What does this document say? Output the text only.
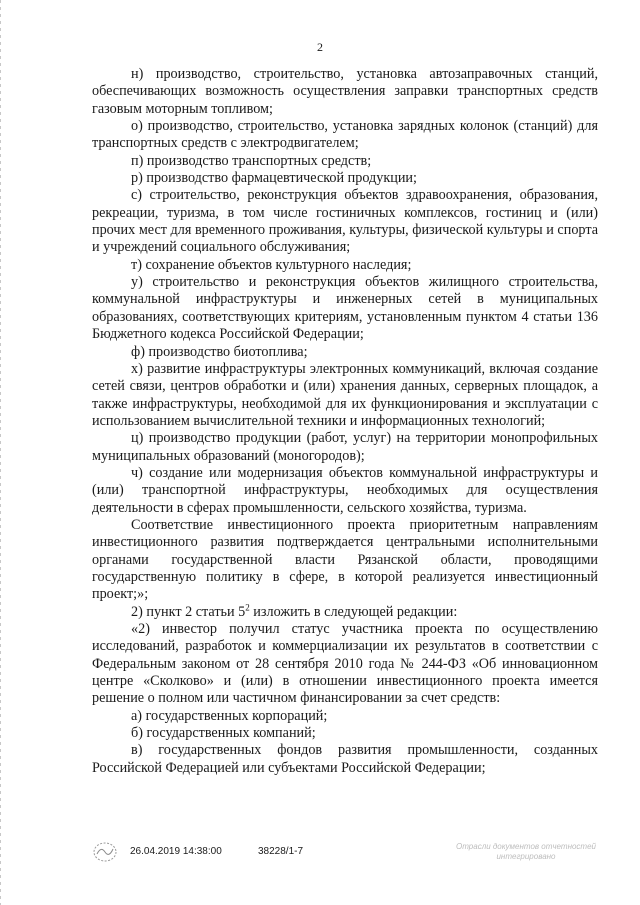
2

н) производство, строительство, установка автозаправочных станций, обеспечивающих возможность осуществления заправки транспортных средств газовым моторным топливом;

о) производство, строительство, установка зарядных колонок (станций) для транспортных средств с электродвигателем;

п) производство транспортных средств;

р) производство фармацевтической продукции;

с) строительство, реконструкция объектов здравоохранения, образования, рекреации, туризма, в том числе гостиничных комплексов, гостиниц и (или) прочих мест для временного проживания, культуры, физической культуры и спорта и учреждений социального обслуживания;

т) сохранение объектов культурного наследия;

у) строительство и реконструкция объектов жилищного строительства, коммунальной инфраструктуры и инженерных сетей в муниципальных образованиях, соответствующих критериям, установленным пунктом 4 статьи 136 Бюджетного кодекса Российской Федерации;

ф) производство биотоплива;

х) развитие инфраструктуры электронных коммуникаций, включая создание сетей связи, центров обработки и (или) хранения данных, серверных площадок, а также инфраструктуры, необходимой для их функционирования и эксплуатации с использованием вычислительной техники и информационных технологий;

ц) производство продукции (работ, услуг) на территории монопрофильных муниципальных образований (моногородов);

ч) создание или модернизация объектов коммунальной инфраструктуры и (или) транспортной инфраструктуры, необходимых для осуществления деятельности в сферах промышленности, сельского хозяйства, туризма.

Соответствие инвестиционного проекта приоритетным направлениям инвестиционного развития подтверждается центральными исполнительными органами государственной власти Рязанской области, проводящими государственную политику в сфере, в которой реализуется инвестиционный проект;»;

2) пункт 2 статьи $5^2$ изложить в следующей редакции:

«2) инвестор получил статус участника проекта по осуществлению исследований, разработок и коммерциализации их результатов в соответствии с Федеральным законом от 28 сентября 2010 года № 244-ФЗ «Об инновационном центре «Сколково» и (или) в отношении инвестиционного проекта имеется решение о полном или частичном финансировании за счет средств:

а) государственных корпораций;

б) государственных компаний;

в) государственных фондов развития промышленности, созданных Российской Федерацией или субъектами Российской Федерации;

26.04.2019 14:38:00	38228/1-7	Отрасли документов отчетностей интегрировано
